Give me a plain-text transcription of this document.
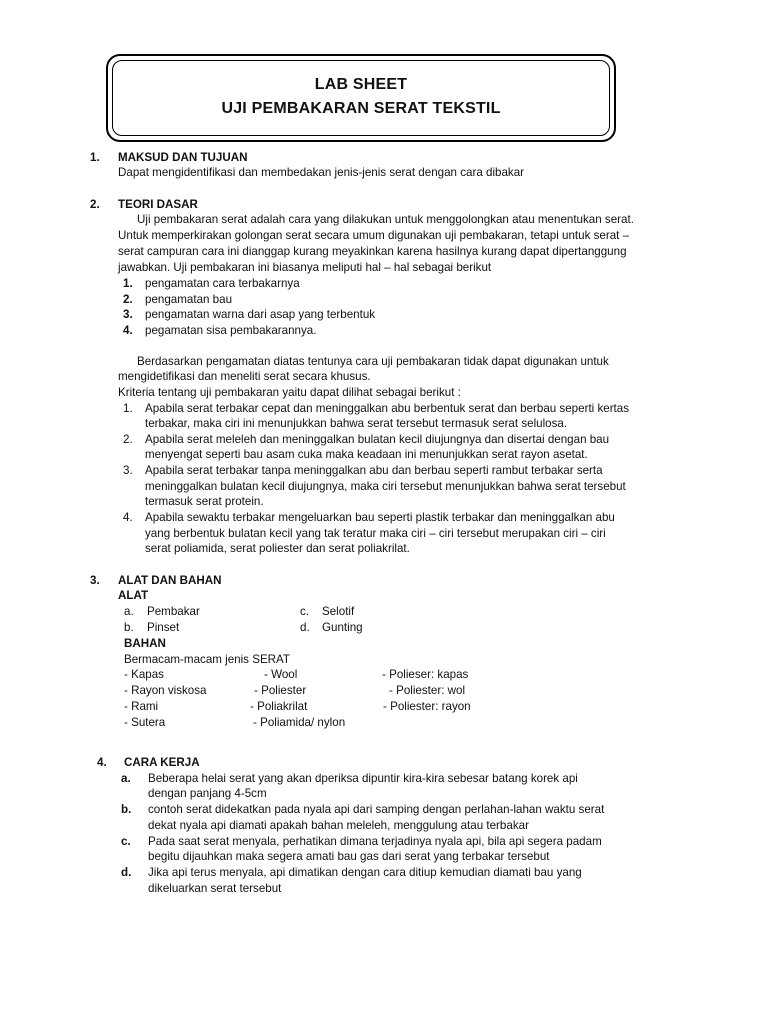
LAB SHEET
UJI PEMBAKARAN SERAT TEKSTIL
1. MAKSUD DAN TUJUAN
Dapat mengidentifikasi dan membedakan jenis-jenis serat dengan cara dibakar
2. TEORI DASAR
Uji pembakaran serat adalah cara yang dilakukan untuk menggolongkan atau menentukan serat.
Untuk memperkirakan golongan serat secara umum digunakan uji pembakaran, tetapi untuk serat –
serat campuran cara ini dianggap kurang meyakinkan karena hasilnya kurang dapat dipertanggung
jawabkan. Uji pembakaran ini biasanya meliputi hal – hal sebagai berikut
1. pengamatan cara terbakarnya
2. pengamatan bau
3. pengamatan warna dari asap yang terbentuk
4. pegamatan sisa pembakarannya.
Berdasarkan pengamatan diatas tentunya cara uji pembakaran tidak dapat digunakan untuk
mengidetifikasi dan meneliti serat secara khusus.
Kriteria tentang uji pembakaran yaitu dapat dilihat sebagai berikut :
1. Apabila serat terbakar cepat dan meninggalkan abu berbentuk serat dan berbau seperti kertas
terbakar, maka ciri ini menunjukkan bahwa serat tersebut termasuk serat selulosa.
2. Apabila serat meleleh dan meninggalkan bulatan kecil diujungnya dan disertai dengan bau
menyengat seperti bau asam cuka maka keadaan ini menunjukkan serat rayon asetat.
3. Apabila serat terbakar tanpa meninggalkan abu dan berbau seperti rambut terbakar serta
meninggalkan bulatan kecil diujungnya, maka ciri tersebut menunjukkan bahwa serat tersebut
termasuk serat protein.
4. Apabila sewaktu terbakar mengeluarkan bau seperti plastik terbakar dan meninggalkan abu
yang berbentuk bulatan kecil yang tak teratur maka ciri – ciri tersebut merupakan ciri – ciri
serat poliamida, serat poliester dan serat poliakrilat.
3. ALAT DAN BAHAN
ALAT
a. Pembakar	c. Selotif
b. Pinset	d. Gunting
BAHAN
Bermacam-macam jenis SERAT
- Kapas	- Wool	- Polieser: kapas
- Rayon viskosa	- Poliester	- Poliester: wol
- Rami	- Poliakrilat	- Poliester: rayon
- Sutera	- Poliamida/ nylon
4. CARA KERJA
a. Beberapa helai serat yang akan dperiksa dipuntir kira-kira sebesar batang korek api
dengan panjang 4-5cm
b. contoh serat didekatkan pada nyala api dari samping dengan perlahan-lahan waktu serat
dekat nyala api diamati apakah bahan meleleh, menggulung atau terbakar
c. Pada saat serat menyala, perhatikan dimana terjadinya nyala api, bila api segera padam
begitu dijauhkan maka segera amati bau gas dari serat yang terbakar tersebut
d. Jika api terus menyala, api dimatikan dengan cara ditiup kemudian diamati bau yang
dikeluarkan serat tersebut
